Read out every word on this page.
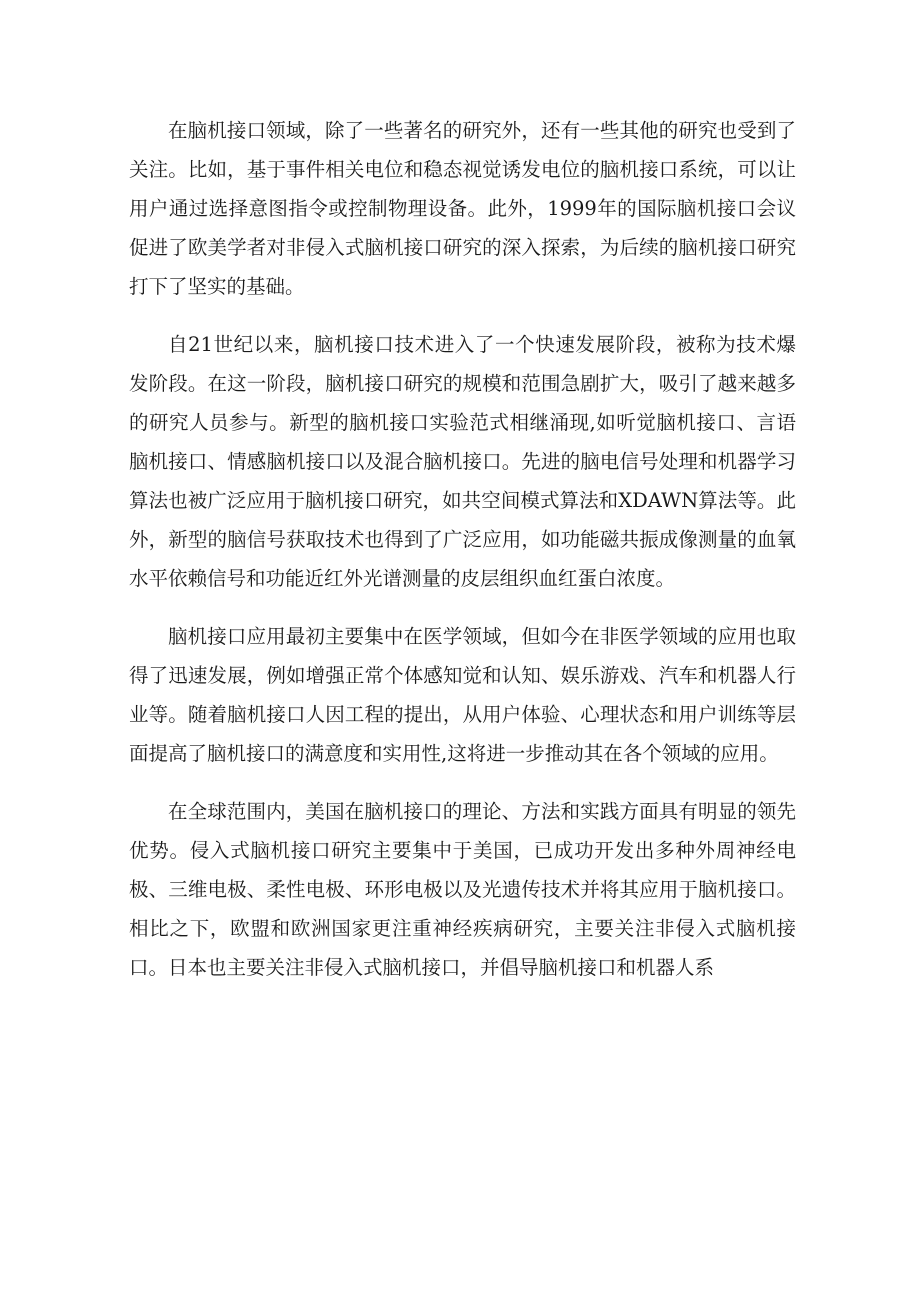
在脑机接口领域，除了一些著名的研究外，还有一些其他的研究也受到了关注。比如，基于事件相关电位和稳态视觉诱发电位的脑机接口系统，可以让用户通过选择意图指令或控制物理设备。此外，1999年的国际脑机接口会议促进了欧美学者对非侵入式脑机接口研究的深入探索，为后续的脑机接口研究打下了坚实的基础。

自21世纪以来，脑机接口技术进入了一个快速发展阶段，被称为技术爆发阶段。在这一阶段，脑机接口研究的规模和范围急剧扩大，吸引了越来越多的研究人员参与。新型的脑机接口实验范式相继涌现,如听觉脑机接口、言语脑机接口、情感脑机接口以及混合脑机接口。先进的脑电信号处理和机器学习算法也被广泛应用于脑机接口研究，如共空间模式算法和XDAWN算法等。此外，新型的脑信号获取技术也得到了广泛应用，如功能磁共振成像测量的血氧水平依赖信号和功能近红外光谱测量的皮层组织血红蛋白浓度。

脑机接口应用最初主要集中在医学领域，但如今在非医学领域的应用也取得了迅速发展，例如增强正常个体感知觉和认知、娱乐游戏、汽车和机器人行业等。随着脑机接口人因工程的提出，从用户体验、心理状态和用户训练等层面提高了脑机接口的满意度和实用性,这将进一步推动其在各个领域的应用。

在全球范围内，美国在脑机接口的理论、方法和实践方面具有明显的领先优势。侵入式脑机接口研究主要集中于美国，已成功开发出多种外周神经电极、三维电极、柔性电极、环形电极以及光遗传技术并将其应用于脑机接口。相比之下，欧盟和欧洲国家更注重神经疾病研究，主要关注非侵入式脑机接口。日本也主要关注非侵入式脑机接口，并倡导脑机接口和机器人系
